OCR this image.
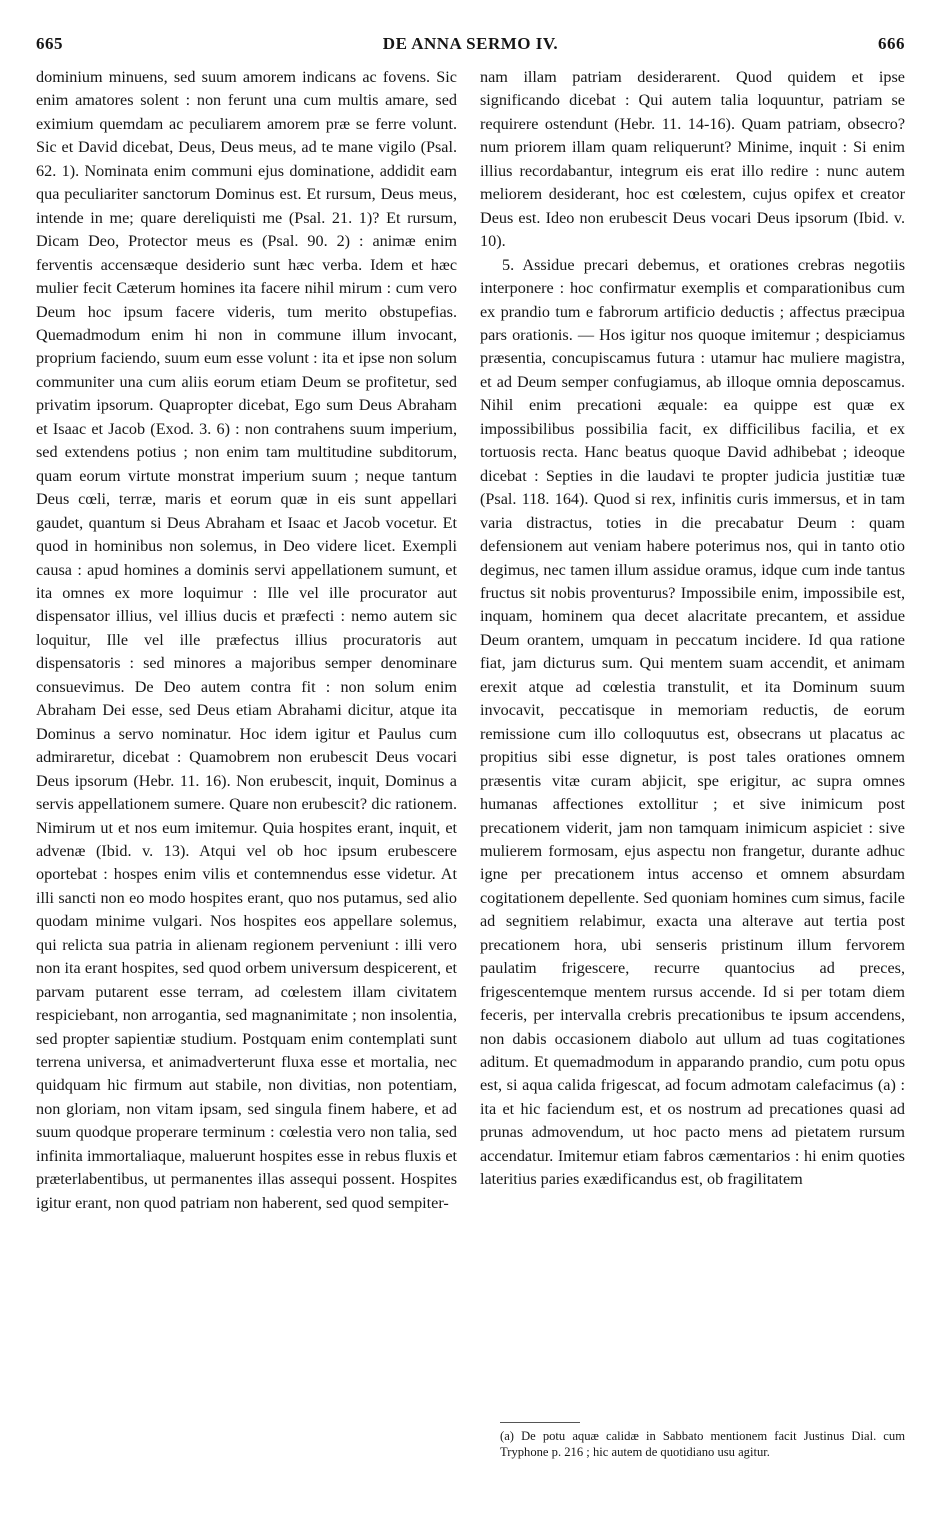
665	DE ANNA SERMO IV.	666

dominium minuens, sed suum amorem indicans ac fovens. Sic enim amatores solent : non ferunt una cum multis amare, sed eximium quemdam ac peculiarem amorem præ se ferre volunt. Sic et David dicebat, Deus, Deus meus, ad te mane vigilo (Psal. 62. 1). Nominata enim communi ejus dominatione, addidit eam qua peculiariter sanctorum Dominus est. Et rursum, Deus meus, intende in me; quare dereliquisti me (Psal. 21. 1)? Et rursum, Dicam Deo, Protector meus es (Psal. 90. 2) : animæ enim ferventis accensæque desiderio sunt hæc verba. Idem et hæc mulier fecit Cæterum homines ita facere nihil mirum : cum vero Deum hoc ipsum facere videris, tum merito obstupefias. Quemadmodum enim hi non in commune illum invocant, proprium faciendo, suum eum esse volunt : ita et ipse non solum communiter una cum aliis eorum etiam Deum se profitetur, sed privatim ipsorum. Quapropter dicebat, Ego sum Deus Abraham et Isaac et Jacob (Exod. 3. 6) : non contrahens suum imperium, sed extendens potius ; non enim tam multitudine subditorum, quam eorum virtute monstrat imperium suum ; neque tantum Deus cœli, terræ, maris et eorum quæ in eis sunt appellari gaudet, quantum si Deus Abraham et Isaac et Jacob vocetur. Et quod in hominibus non solemus, in Deo videre licet. Exempli causa : apud homines a dominis servi appellationem sumunt, et ita omnes ex more loquimur : Ille vel ille procurator aut dispensator illius, vel illius ducis et præfecti : nemo autem sic loquitur, Ille vel ille præfectus illius procuratoris aut dispensatoris : sed minores a majoribus semper denominare consuevimus. De Deo autem contra fit : non solum enim Abraham Dei esse, sed Deus etiam Abrahami dicitur, atque ita Dominus a servo nominatur. Hoc idem igitur et Paulus cum admiraretur, dicebat : Quamobrem non erubescit Deus vocari Deus ipsorum (Hebr. 11. 16). Non erubescit, inquit, Dominus a servis appellationem sumere. Quare non erubescit? dic rationem. Nimirum ut et nos eum imitemur. Quia hospites erant, inquit, et advenæ (Ibid. v. 13). Atqui vel ob hoc ipsum erubescere oportebat : hospes enim vilis et contemnendus esse videtur. At illi sancti non eo modo hospites erant, quo nos putamus, sed alio quodam minime vulgari. Nos hospites eos appellare solemus, qui relicta sua patria in alienam regionem perveniunt : illi vero non ita erant hospites, sed quod orbem universum despicerent, et parvam putarent esse terram, ad cœlestem illam civitatem respiciebant, non arrogantia, sed magnanimitate ; non insolentia, sed propter sapientiæ studium. Postquam enim contemplati sunt terrena universa, et animadverterunt fluxa esse et mortalia, nec quidquam hic firmum aut stabile, non divitias, non potentiam, non gloriam, non vitam ipsam, sed singula finem habere, et ad suum quodque properare terminum : cœlestia vero non talia, sed infinita immortaliaque, maluerunt hospites esse in rebus fluxis et præterlabentibus, ut permanentes illas assequi possent. Hospites igitur erant, non quod patriam non haberent, sed quod sempiter-

nam illam patriam desiderarent. Quod quidem et ipse significando dicebat : Qui autem talia loquuntur, patriam se requirere ostendunt (Hebr. 11. 14-16). Quam patriam, obsecro? num priorem illam quam reliquerunt? Minime, inquit : Si enim illius recordabantur, integrum eis erat illo redire : nunc autem meliorem desiderant, hoc est cœlestem, cujus opifex et creator Deus est. Ideo non erubescit Deus vocari Deus ipsorum (Ibid. v. 10).

5. Assidue precari debemus, et orationes crebras negotiis interponere : hoc confirmatur exemplis et comparationibus cum ex prandio tum e fabrorum artificio deductis ; affectus præcipua pars orationis. — Hos igitur nos quoque imitemur ; despiciamus præsentia, concupiscamus futura : utamur hac muliere magistra, et ad Deum semper confugiamus, ab illoque omnia deposcamus. Nihil enim precationi æquale: ea quippe est quæ ex impossibilibus possibilia facit, ex difficilibus facilia, et ex tortuosis recta. Hanc beatus quoque David adhibebat ; ideoque dicebat : Septies in die laudavi te propter judicia justitiæ tuæ (Psal. 118. 164). Quod si rex, infinitis curis immersus, et in tam varia distractus, toties in die precabatur Deum : quam defensionem aut veniam habere poterimus nos, qui in tanto otio degimus, nec tamen illum assidue oramus, idque cum inde tantus fructus sit nobis proventurus? Impossibile enim, impossibile est, inquam, hominem qua decet alacritate precantem, et assidue Deum orantem, umquam in peccatum incidere. Id qua ratione fiat, jam dicturus sum. Qui mentem suam accendit, et animam erexit atque ad cœlestia transtulit, et ita Dominum suum invocavit, peccatisque in memoriam reductis, de eorum remissione cum illo colloquutus est, obsecrans ut placatus ac propitius sibi esse dignetur, is post tales orationes omnem præsentis vitæ curam abjicit, spe erigitur, ac supra omnes humanas affectiones extollitur ; et sive inimicum post precationem viderit, jam non tamquam inimicum aspiciet : sive mulierem formosam, ejus aspectu non frangetur, durante adhuc igne per precationem intus accenso et omnem absurdam cogitationem depellente. Sed quoniam homines cum simus, facile ad segnitiem relabimur, exacta una alterave aut tertia post precationem hora, ubi senseris pristinum illum fervorem paulatim frigescere, recurre quantocius ad preces, frigescentemque mentem rursus accende. Id si per totam diem feceris, per intervalla crebris precationibus te ipsum accendens, non dabis occasionem diabolo aut ullum ad tuas cogitationes aditum. Et quemadmodum in apparando prandio, cum potu opus est, si aqua calida frigescat, ad focum admotam calefacimus (a) : ita et hic faciendum est, et os nostrum ad precationes quasi ad prunas admovendum, ut hoc pacto mens ad pietatem rursum accendatur. Imitemur etiam fabros cæmentarios : hi enim quoties lateritius paries exædificandus est, ob fragilitatem

(a) De potu aquæ calidæ in Sabbato mentionem facit Justinus Dial. cum Tryphone p. 216 ; hic autem de quotidiano usu agitur.
